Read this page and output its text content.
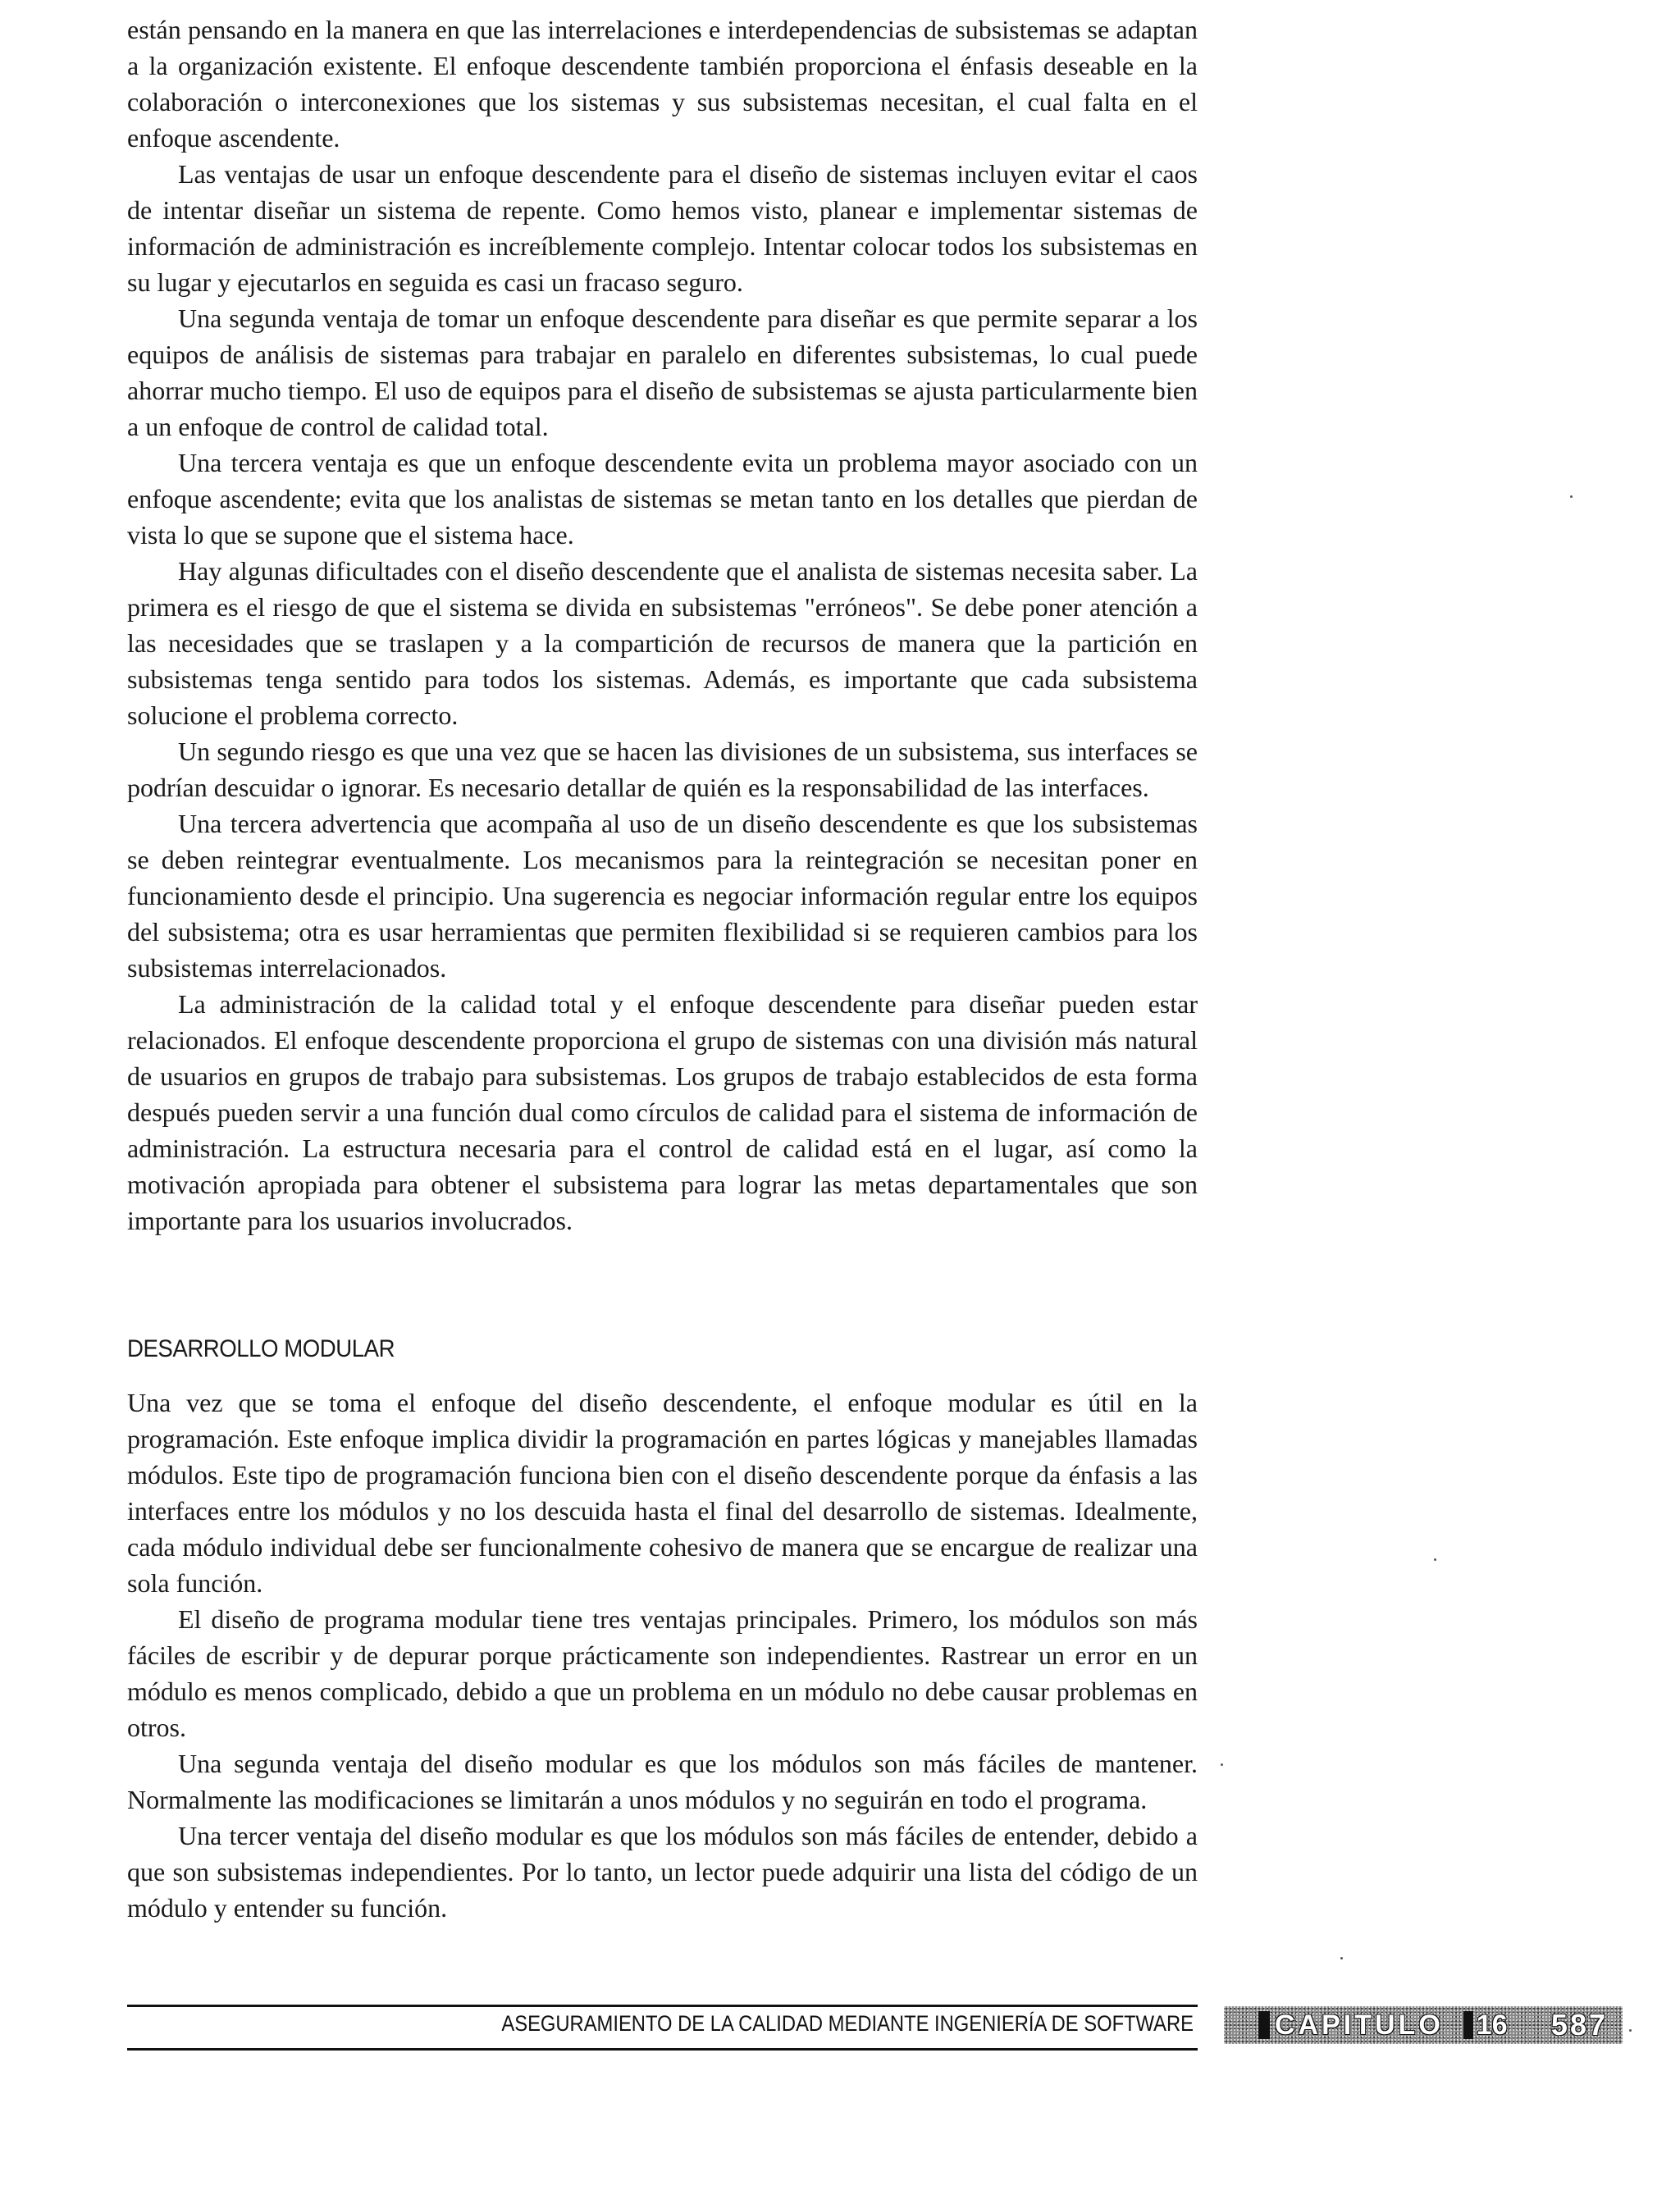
están pensando en la manera en que las interrelaciones e interdependencias de subsistemas se adaptan a la organización existente. El enfoque descendente también proporciona el énfasis deseable en la colaboración o interconexiones que los sistemas y sus subsistemas necesitan, el cual falta en el enfoque ascendente.

Las ventajas de usar un enfoque descendente para el diseño de sistemas incluyen evitar el caos de intentar diseñar un sistema de repente. Como hemos visto, planear e implementar sistemas de información de administración es increíblemente complejo. Intentar colocar todos los subsistemas en su lugar y ejecutarlos en seguida es casi un fracaso seguro.

Una segunda ventaja de tomar un enfoque descendente para diseñar es que permite separar a los equipos de análisis de sistemas para trabajar en paralelo en diferentes subsistemas, lo cual puede ahorrar mucho tiempo. El uso de equipos para el diseño de subsistemas se ajusta particularmente bien a un enfoque de control de calidad total.

Una tercera ventaja es que un enfoque descendente evita un problema mayor asociado con un enfoque ascendente; evita que los analistas de sistemas se metan tanto en los detalles que pierdan de vista lo que se supone que el sistema hace.

Hay algunas dificultades con el diseño descendente que el analista de sistemas necesita saber. La primera es el riesgo de que el sistema se divida en subsistemas "erróneos". Se debe poner atención a las necesidades que se traslapen y a la compartición de recursos de manera que la partición en subsistemas tenga sentido para todos los sistemas. Además, es importante que cada subsistema solucione el problema correcto.

Un segundo riesgo es que una vez que se hacen las divisiones de un subsistema, sus interfaces se podrían descuidar o ignorar. Es necesario detallar de quién es la responsabilidad de las interfaces.

Una tercera advertencia que acompaña al uso de un diseño descendente es que los subsistemas se deben reintegrar eventualmente. Los mecanismos para la reintegración se necesitan poner en funcionamiento desde el principio. Una sugerencia es negociar información regular entre los equipos del subsistema; otra es usar herramientas que permiten flexibilidad si se requieren cambios para los subsistemas interrelacionados.

La administración de la calidad total y el enfoque descendente para diseñar pueden estar relacionados. El enfoque descendente proporciona el grupo de sistemas con una división más natural de usuarios en grupos de trabajo para subsistemas. Los grupos de trabajo establecidos de esta forma después pueden servir a una función dual como círculos de calidad para el sistema de información de administración. La estructura necesaria para el control de calidad está en el lugar, así como la motivación apropiada para obtener el subsistema para lograr las metas departamentales que son importante para los usuarios involucrados.

DESARROLLO MODULAR

Una vez que se toma el enfoque del diseño descendente, el enfoque modular es útil en la programación. Este enfoque implica dividir la programación en partes lógicas y manejables llamadas módulos. Este tipo de programación funciona bien con el diseño descendente porque da énfasis a las interfaces entre los módulos y no los descuida hasta el final del desarrollo de sistemas. Idealmente, cada módulo individual debe ser funcionalmente cohesivo de manera que se encargue de realizar una sola función.

El diseño de programa modular tiene tres ventajas principales. Primero, los módulos son más fáciles de escribir y de depurar porque prácticamente son independientes. Rastrear un error en un módulo es menos complicado, debido a que un problema en un módulo no debe causar problemas en otros.

Una segunda ventaja del diseño modular es que los módulos son más fáciles de mantener. Normalmente las modificaciones se limitarán a unos módulos y no seguirán en todo el programa.

Una tercer ventaja del diseño modular es que los módulos son más fáciles de entender, debido a que son subsistemas independientes. Por lo tanto, un lector puede adquirir una lista del código de un módulo y entender su función.

ASEGURAMIENTO DE LA CALIDAD MEDIANTE INGENIERÍA DE SOFTWARE	CAPITULO 16 587
